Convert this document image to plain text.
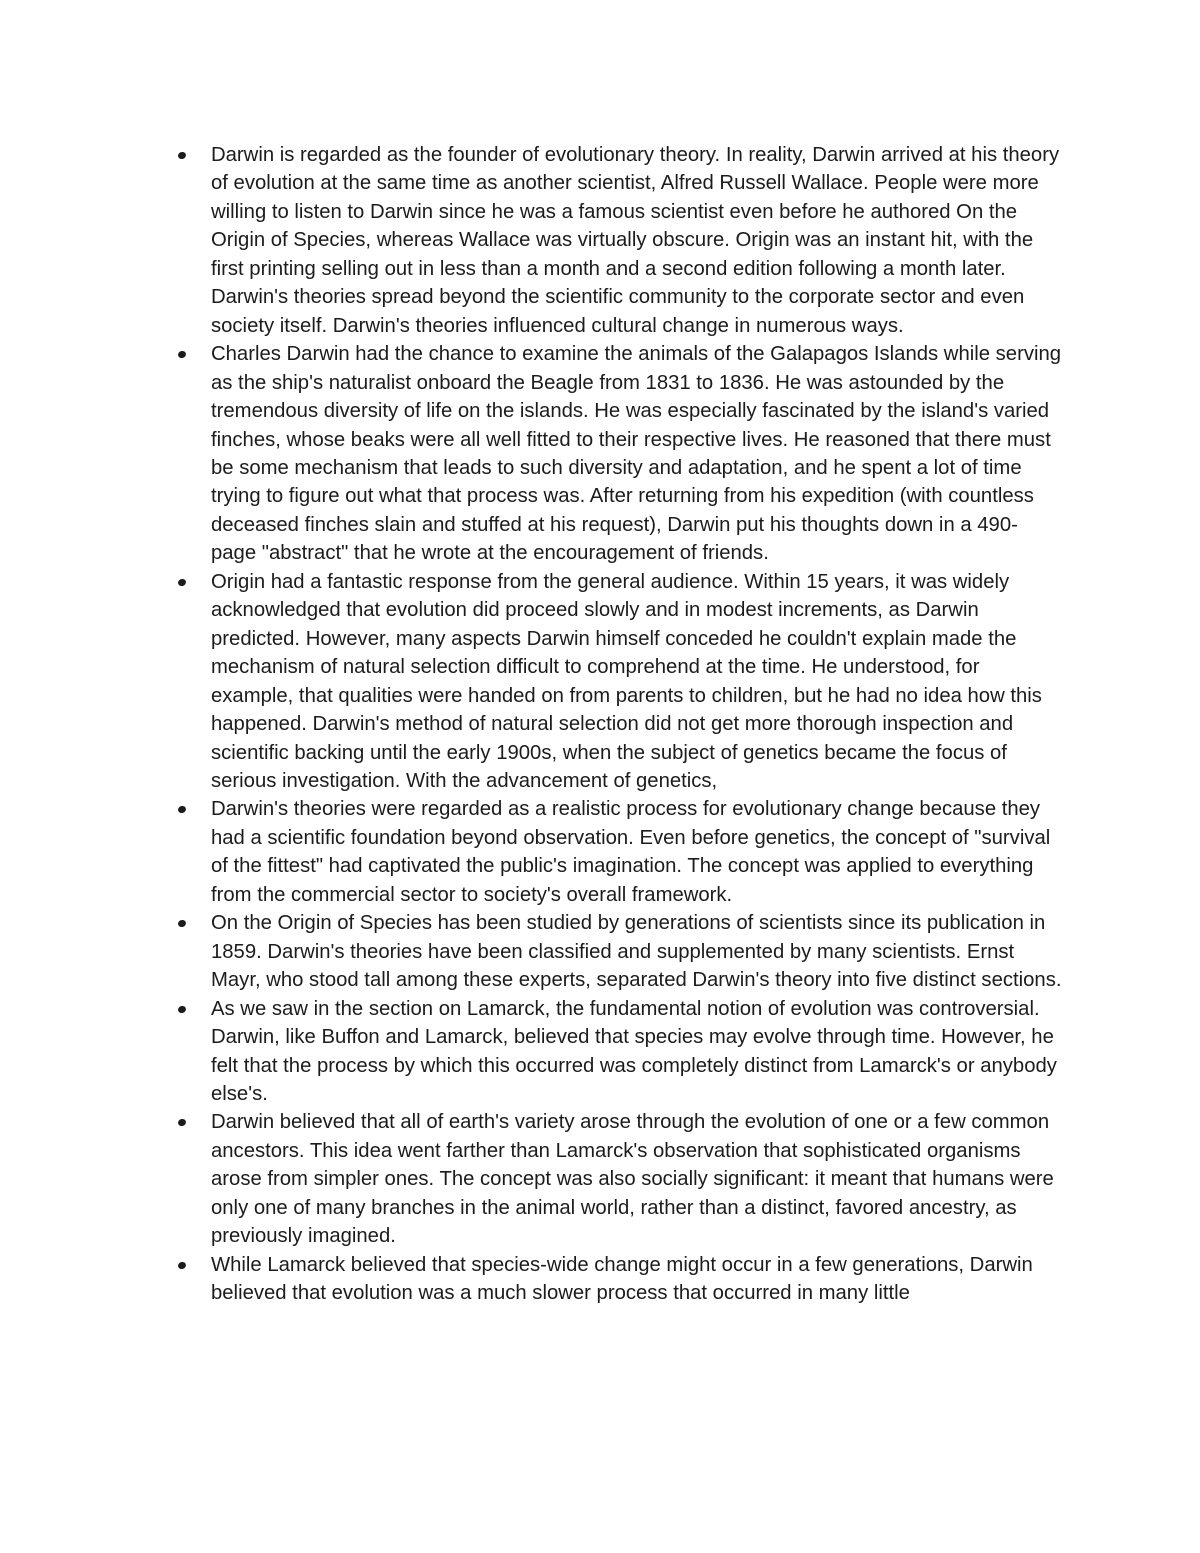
Darwin is regarded as the founder of evolutionary theory. In reality, Darwin arrived at his theory of evolution at the same time as another scientist, Alfred Russell Wallace. People were more willing to listen to Darwin since he was a famous scientist even before he authored On the Origin of Species, whereas Wallace was virtually obscure. Origin was an instant hit, with the first printing selling out in less than a month and a second edition following a month later. Darwin's theories spread beyond the scientific community to the corporate sector and even society itself. Darwin's theories influenced cultural change in numerous ways.
Charles Darwin had the chance to examine the animals of the Galapagos Islands while serving as the ship's naturalist onboard the Beagle from 1831 to 1836. He was astounded by the tremendous diversity of life on the islands. He was especially fascinated by the island's varied finches, whose beaks were all well fitted to their respective lives. He reasoned that there must be some mechanism that leads to such diversity and adaptation, and he spent a lot of time trying to figure out what that process was. After returning from his expedition (with countless deceased finches slain and stuffed at his request), Darwin put his thoughts down in a 490-page "abstract" that he wrote at the encouragement of friends.
Origin had a fantastic response from the general audience. Within 15 years, it was widely acknowledged that evolution did proceed slowly and in modest increments, as Darwin predicted. However, many aspects Darwin himself conceded he couldn't explain made the mechanism of natural selection difficult to comprehend at the time. He understood, for example, that qualities were handed on from parents to children, but he had no idea how this happened. Darwin's method of natural selection did not get more thorough inspection and scientific backing until the early 1900s, when the subject of genetics became the focus of serious investigation. With the advancement of genetics,
Darwin's theories were regarded as a realistic process for evolutionary change because they had a scientific foundation beyond observation. Even before genetics, the concept of "survival of the fittest" had captivated the public's imagination. The concept was applied to everything from the commercial sector to society's overall framework.
On the Origin of Species has been studied by generations of scientists since its publication in 1859. Darwin's theories have been classified and supplemented by many scientists. Ernst Mayr, who stood tall among these experts, separated Darwin's theory into five distinct sections.
As we saw in the section on Lamarck, the fundamental notion of evolution was controversial. Darwin, like Buffon and Lamarck, believed that species may evolve through time. However, he felt that the process by which this occurred was completely distinct from Lamarck's or anybody else's.
Darwin believed that all of earth's variety arose through the evolution of one or a few common ancestors. This idea went farther than Lamarck's observation that sophisticated organisms arose from simpler ones. The concept was also socially significant: it meant that humans were only one of many branches in the animal world, rather than a distinct, favored ancestry, as previously imagined.
While Lamarck believed that species-wide change might occur in a few generations, Darwin believed that evolution was a much slower process that occurred in many little
